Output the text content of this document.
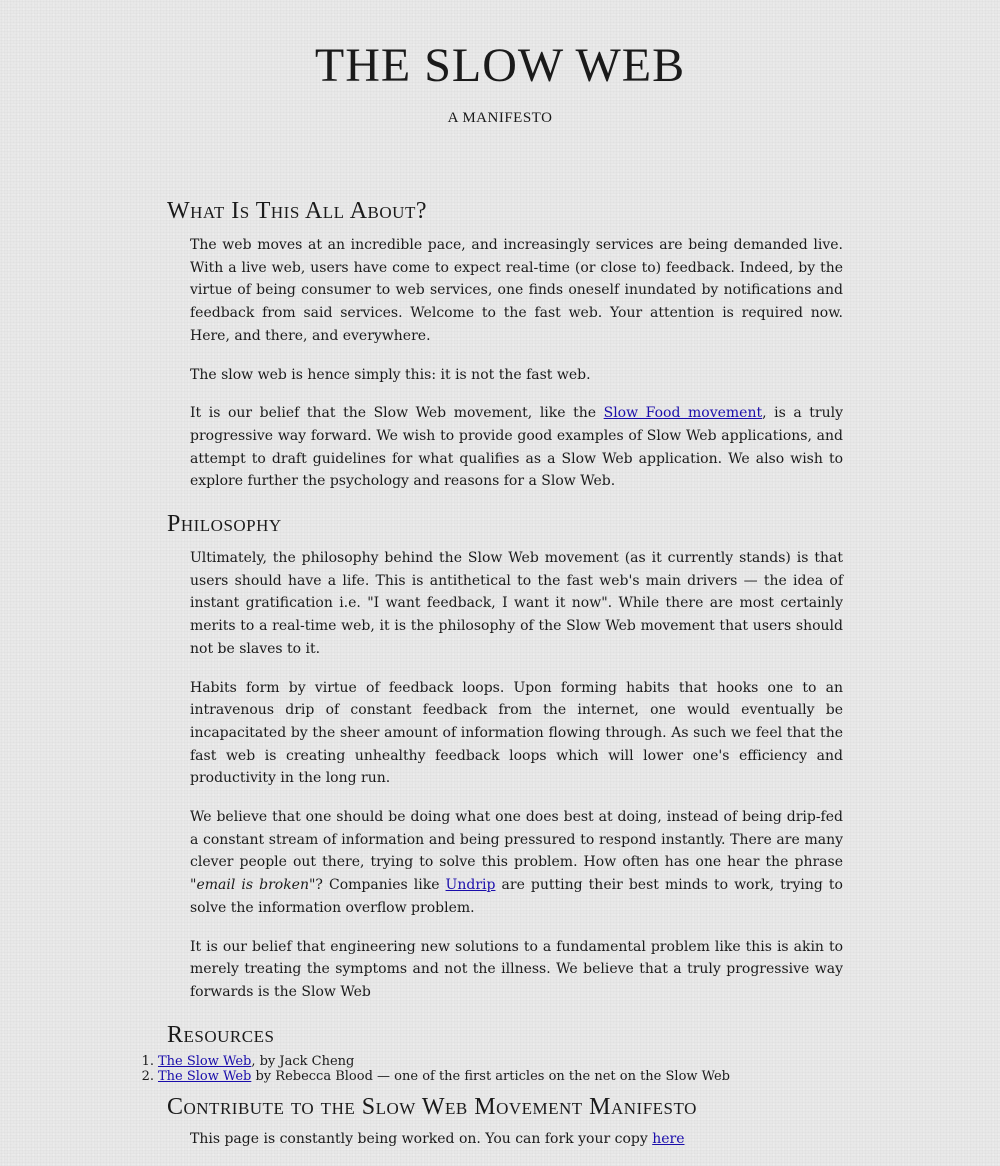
THE SLOW WEB
A MANIFESTO
What Is This All About?

The web moves at an incredible pace, and increasingly services are being demanded live. With a live web, users have come to expect real-time (or close to) feedback. Indeed, by the virtue of being consumer to web services, one finds oneself inundated by notifications and feedback from said services. Welcome to the fast web. Your attention is required now. Here, and there, and everywhere.

The slow web is hence simply this: it is not the fast web.

It is our belief that the Slow Web movement, like the Slow Food movement, is a truly progressive way forward. We wish to provide good examples of Slow Web applications, and attempt to draft guidelines for what qualifies as a Slow Web application. We also wish to explore further the psychology and reasons for a Slow Web.

Philosophy

Ultimately, the philosophy behind the Slow Web movement (as it currently stands) is that users should have a life. This is antithetical to the fast web's main drivers — the idea of instant gratification i.e. "I want feedback, I want it now". While there are most certainly merits to a real-time web, it is the philosophy of the Slow Web movement that users should not be slaves to it.

Habits form by virtue of feedback loops. Upon forming habits that hooks one to an intravenous drip of constant feedback from the internet, one would eventually be incapacitated by the sheer amount of information flowing through. As such we feel that the fast web is creating unhealthy feedback loops which will lower one's efficiency and productivity in the long run.

We believe that one should be doing what one does best at doing, instead of being drip-fed a constant stream of information and being pressured to respond instantly. There are many clever people out there, trying to solve this problem. How often has one hear the phrase "email is broken"? Companies like Undrip are putting their best minds to work, trying to solve the information overflow problem.

It is our belief that engineering new solutions to a fundamental problem like this is akin to merely treating the symptoms and not the illness. We believe that a truly progressive way forwards is the Slow Web

Resources
1. The Slow Web, by Jack Cheng
2. The Slow Web by Rebecca Blood — one of the first articles on the net on the Slow Web
Contribute to the Slow Web Movement Manifesto

This page is constantly being worked on. You can fork your copy here
